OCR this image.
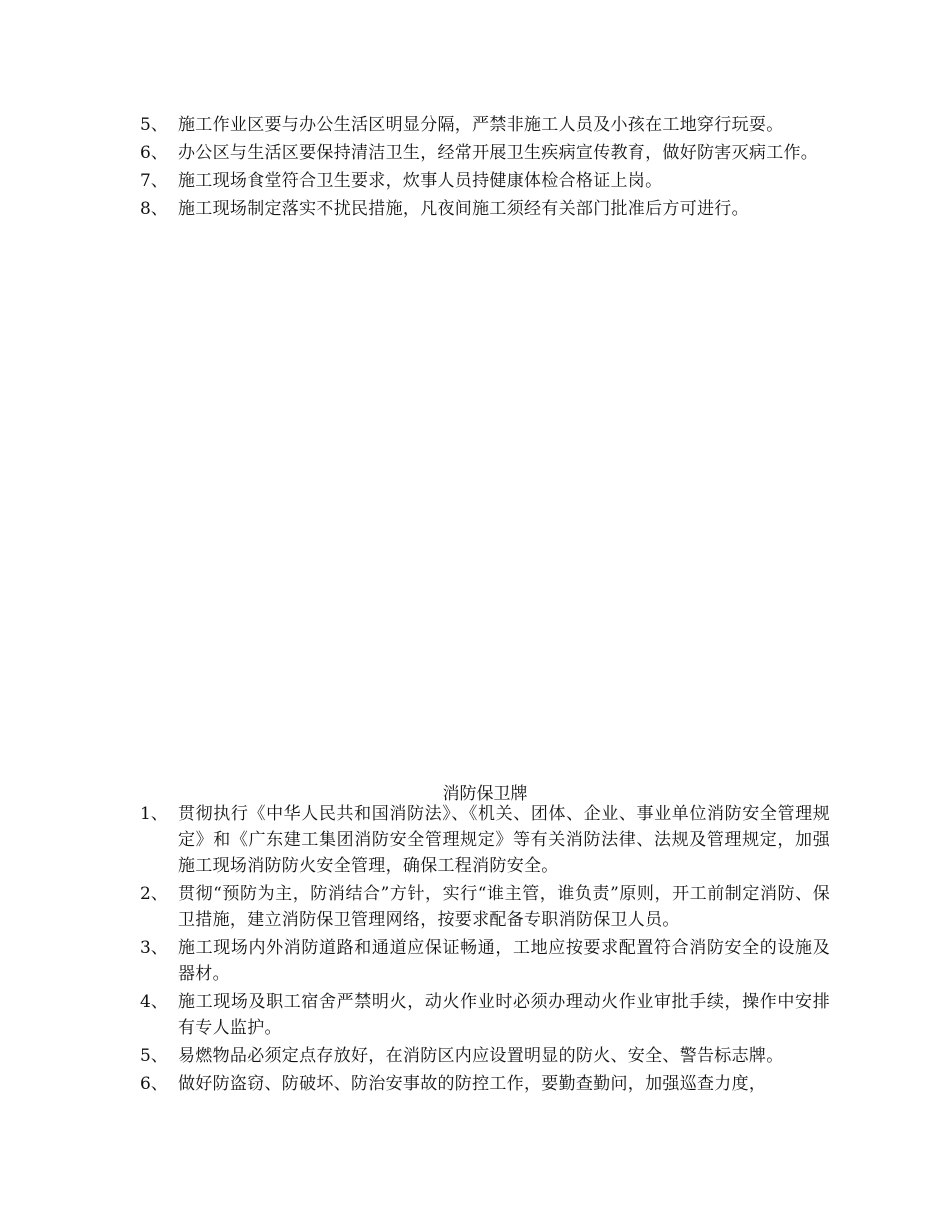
5、 施工作业区要与办公生活区明显分隔，严禁非施工人员及小孩在工地穿行玩耍。
6、 办公区与生活区要保持清洁卫生，经常开展卫生疾病宣传教育，做好防害灭病工作。
7、 施工现场食堂符合卫生要求，炊事人员持健康体检合格证上岗。
8、 施工现场制定落实不扰民措施，凡夜间施工须经有关部门批准后方可进行。
消防保卫牌
1、 贯彻执行《中华人民共和国消防法》、《机关、团体、企业、事业单位消防安全管理规定》和《广东建工集团消防安全管理规定》等有关消防法律、法规及管理规定，加强施工现场消防防火安全管理，确保工程消防安全。
2、 贯彻“预防为主，防消结合”方针，实行“谁主管，谁负责”原则，开工前制定消防、保卫措施，建立消防保卫管理网络，按要求配备专职消防保卫人员。
3、 施工现场内外消防道路和通道应保证畅通，工地应按要求配置符合消防安全的设施及器材。
4、 施工现场及职工宿舍严禁明火，动火作业时必须办理动火作业审批手续，操作中安排有专人监护。
5、 易燃物品必须定点存放好，在消防区内应设置明显的防火、安全、警告标志牌。
6、 做好防盗窃、防破坏、防治安事故的防控工作，要勤查勤问，加强巡查力度，
